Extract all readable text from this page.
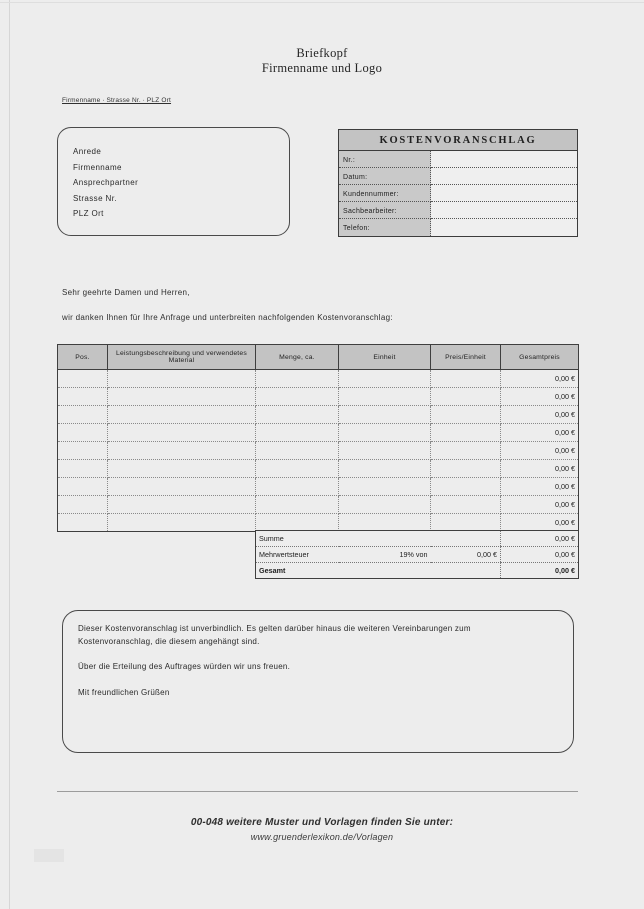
Briefkopf
Firmenname und Logo
Firmenname ∙ Strasse Nr. ∙ PLZ Ort
Anrede
Firmenname
Ansprechpartner
Strasse Nr.
PLZ Ort
KOSTENVORANSCHLAG
Nr.:
Datum:
Kundennummer:
Sachbearbeiter:
Telefon:
Sehr geehrte Damen und Herren,
wir danken Ihnen für Ihre Anfrage und unterbreiten nachfolgenden Kostenvoranschlag:
Pos.	Leistungsbeschreibung und verwendetes Material	Menge, ca.	Einheit	Preis/Einheit	Gesamtpreis
					0,00 €
					0,00 €
					0,00 €
					0,00 €
					0,00 €
					0,00 €
					0,00 €
					0,00 €
					0,00 €
Summe			0,00 €
Mehrwertsteuer	19% von	0,00 €	0,00 €
Gesamt			0,00 €

Dieser Kostenvoranschlag ist unverbindlich. Es gelten darüber hinaus die weiteren Vereinbarungen zum Kostenvoranschlag, die diesem angehängt sind.

Über die Erteilung des Auftrages würden wir uns freuen.

Mit freundlichen Grüßen

00-048 weitere Muster und Vorlagen finden Sie unter:
www.gruenderlexikon.de/Vorlagen
